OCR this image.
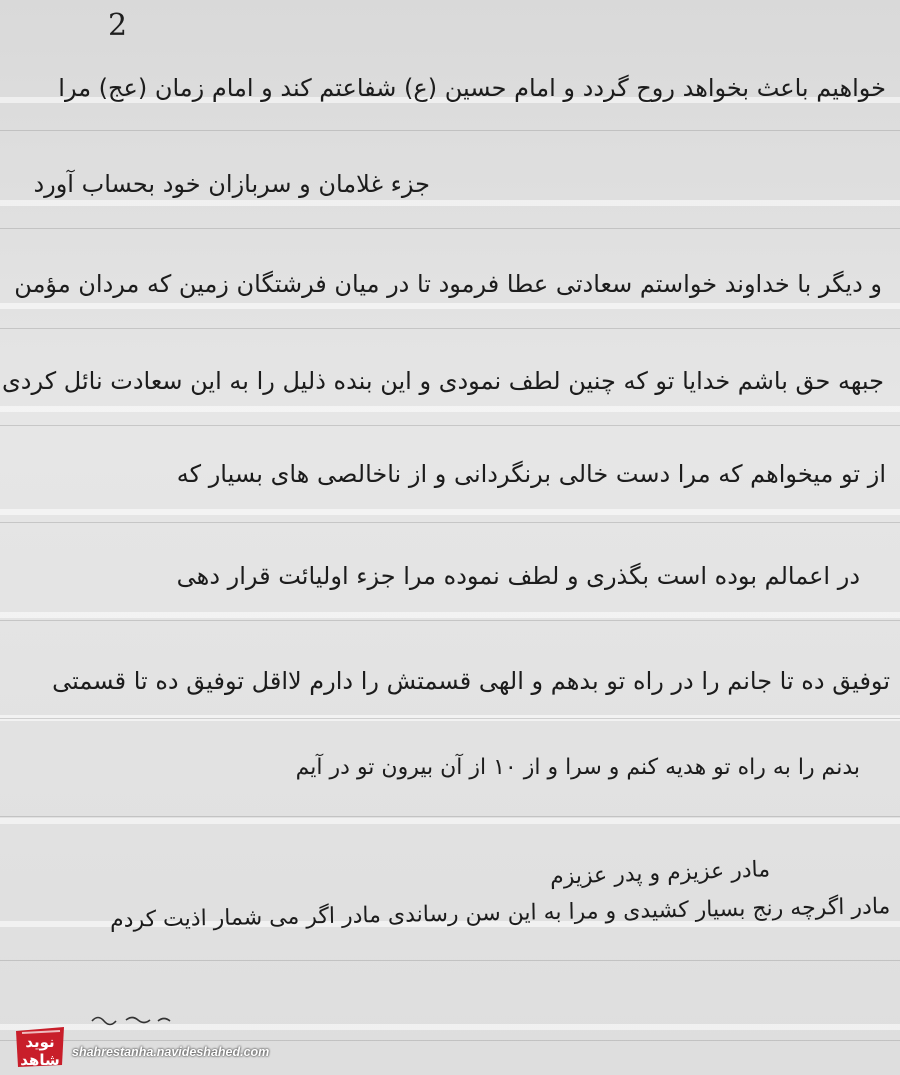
2
خواهیم باعث بخواهد روح گردد و امام حسین (ع) شفاعتم کند و امام زمان (عج) مرا
جزء غلامان و سربازان خود بحساب آورد
و دیگر با خداوند خواستم سعادتی عطا فرمود تا در میان فرشتگان زمین که مردان مؤمن
جبهه حق باشم خدایا تو که چنین لطف نمودی و این بنده ذلیل را به این سعادت نائل کردی
از تو میخواهم که مرا دست خالی برنگردانی و از ناخالصی های بسیار که
در اعمالم بوده است بگذری و لطف نموده مرا جزء اولیائت قرار دهی
توفیق ده تا جانم را در راه تو بدهم و الهی قسمتش را دارم لااقل توفیق ده تا قسمتی
بدنم را به راه تو هدیه کنم و سرا و از ۱۰ از آن بیرون تو در آیم
مادر عزیزم و پدر عزیزم
مادر اگرچه رنج بسیار کشیدی و مرا به این سن رساندی مادر اگر می شمار اذیت کردم
نوید شاهد shahrestanha.navideshahed.com
